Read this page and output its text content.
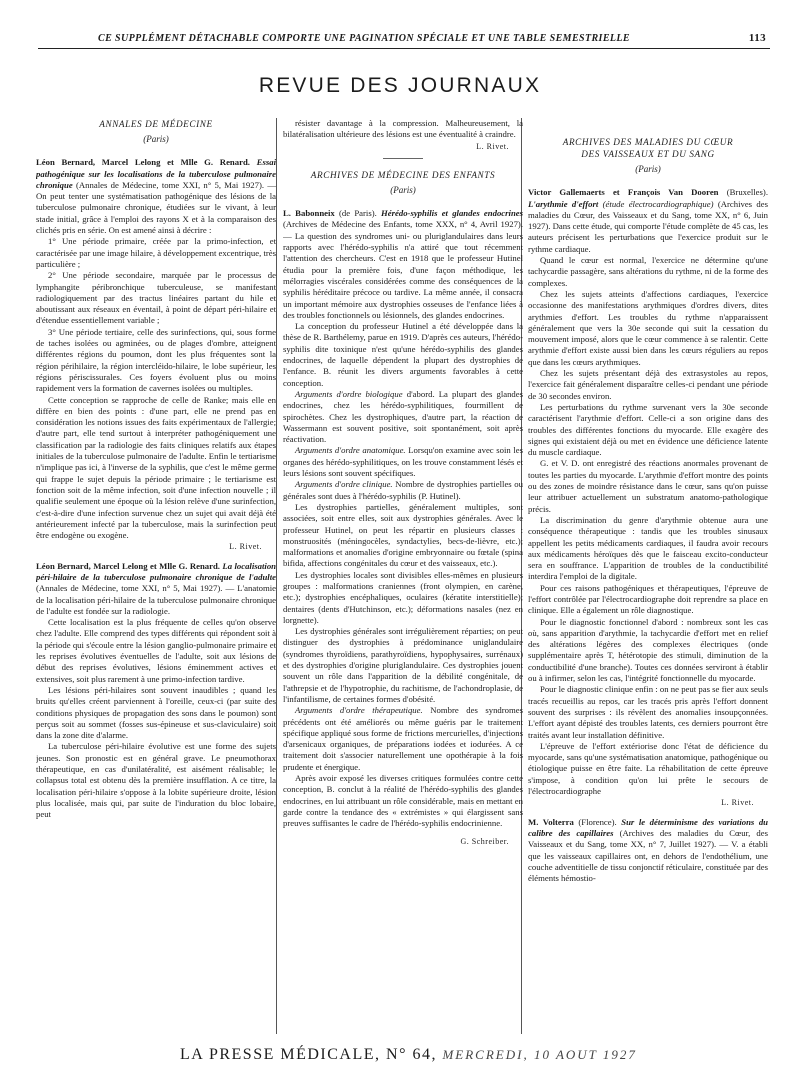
CE SUPPLÉMENT DÉTACHABLE COMPORTE UNE PAGINATION SPÉCIALE ET UNE TABLE SEMESTRIELLE	113
REVUE DES JOURNAUX
ANNALES DE MÉDECINE
(Paris)

Léon Bernard, Marcel Lelong et Mlle G. Renard. Essai pathogénique sur les localisations de la tuberculose pulmonaire chronique (Annales de Médecine, tome XXI, n° 5, Mai 1927). — On peut tenter une systématisation pathogénique des lésions de la tuberculose pulmonaire chronique, étudiées sur le vivant, à leur stade initial, grâce à l'emploi des rayons X et à la comparaison des clichés pris en série. On est amené ainsi à décrire :

1° Une période primaire, créée par la primo-infection, et caractérisée par une image hilaire, à développement excentrique, très particulière ;

2° Une période secondaire, marquée par le processus de lymphangite péribronchique tuberculeuse, se manifestant radiologiquement par des tractus linéaires partant du hile et aboutissant aux réseaux en éventail, à point de départ péri-hilaire et d'étendue essentiellement variable ;

3° Une période tertiaire, celle des surinfections, qui, sous forme de taches isolées ou agminées, ou de plages d'ombre, atteignent différentes régions du poumon, dont les plus fréquentes sont la région périhilaire, la région intercléido-hilaire, le lobe supérieur, les régions périscissurales. Ces foyers évoluent plus ou moins rapidement vers la formation de cavernes isolées ou multiples.

Cette conception se rapproche de celle de Ranke; mais elle en diffère en bien des points : d'une part, elle ne prend pas en considération les notions issues des faits expérimentaux de l'allergie; d'autre part, elle tend surtout à interpréter pathogéniquement une classification par la radiologie des faits cliniques relatifs aux étapes initiales de la tuberculose pulmonaire de l'adulte. Enfin le tertiarisme n'implique pas ici, à l'inverse de la syphilis, que c'est le même germe qui frappe le sujet depuis la période primaire ; le tertiarisme est fonction soit de la même infection, soit d'une infection nouvelle ; il qualifie seulement une époque où la lésion relève d'une surinfection, c'est-à-dire d'une infection survenue chez un sujet qui avait déjà été antérieurement infecté par la tuberculose, mais la surinfection peut être endogène ou exogène.

L. Rivet.

Léon Bernard, Marcel Lelong et Mlle G. Renard. La localisation péri-hilaire de la tuberculose pulmonaire chronique de l'adulte (Annales de Médecine, tome XXI, n° 5, Mai 1927). — L'anatomie de la localisation péri-hilaire de la tuberculose pulmonaire chronique de l'adulte est fondée sur la radiologie.

Cette localisation est la plus fréquente de celles qu'on observe chez l'adulte. Elle comprend des types différents qui répondent soit à la période qui s'écoule entre la lésion ganglio-pulmonaire primaire et les reprises évolutives éventuelles de l'adulte, soit aux lésions de début des reprises évolutives, lésions éminemment actives et extensives, soit plus rarement à une primo-infection tardive.

Les lésions péri-hilaires sont souvent inaudibles ; quand les bruits qu'elles créent parviennent à l'oreille, ceux-ci (par suite des conditions physiques de propagation des sons dans le poumon) sont perçus soit au sommet (fosses sus-épineuse et sus-claviculaire) soit dans la zone dite d'alarme.

La tuberculose péri-hilaire évolutive est une forme des sujets jeunes. Son pronostic est en général grave. Le pneumothorax thérapeutique, en cas d'unilatéralité, est aisément réalisable; le collapsus total est obtenu dès la première insufflation. A ce titre, la localisation péri-hilaire s'oppose à la lobite supérieure droite, lésion plus localisée, mais qui, par suite de l'induration du bloc lobaire, peut

résister davantage à la compression. Malheureusement, la bilatéralisation ultérieure des lésions est une éventualité à craindre.

L. Rivet.
ARCHIVES DE MÉDECINE DES ENFANTS
(Paris)

L. Babonneix (de Paris). Hérédo-syphilis et glandes endocrines (Archives de Médecine des Enfants, tome XXX, n° 4, Avril 1927). — La question des syndromes uni- ou pluriglandulaires dans leurs rapports avec l'hérédo-syphilis n'a attiré que tout récemment l'attention des chercheurs. C'est en 1918 que le professeur Hutinel étudia pour la première fois, d'une façon méthodique, les mélorragies viscérales considérées comme des conséquences de la syphilis héréditaire précoce ou tardive. La même année, il consacra un important mémoire aux dystrophies osseuses de l'enfance liées à des troubles fonctionnels ou lésionnels, des glandes endocrines.

La conception du professeur Hutinel a été développée dans la thèse de R. Barthélemy, parue en 1919. D'après ces auteurs, l'hérédo-syphilis dite toxinique n'est qu'une hérédo-syphilis des glandes endocrines, de laquelle dépendent la plupart des dystrophies de l'enfance. B. réunit les divers arguments favorables à cette conception.

Arguments d'ordre biologique d'abord. La plupart des glandes endocrines, chez les hérédo-syphilitiques, fourmillent de spirochètes. Chez les dystrophiques, d'autre part, la réaction de Wassermann est souvent positive, soit spontanément, soit après réactivation.

Arguments d'ordre anatomique. Lorsqu'on examine avec soin les organes des hérédo-syphilitiques, on les trouve constamment lésés et leurs lésions sont souvent spécifiques.

Arguments d'ordre clinique. Nombre de dystrophies partielles ou générales sont dues à l'hérédo-syphilis (P. Hutinel).

Les dystrophies partielles, généralement multiples, sont associées, soit entre elles, soit aux dystrophies générales. Avec le professeur Hutinel, on peut les répartir en plusieurs classes : monstruosités (méningocèles, syndactylies, becs-de-lièvre, etc.); malformations et anomalies d'origine embryonnaire ou fœtale (spina bifida, affections congénitales du cœur et des vaisseaux, etc.).

Les dystrophies locales sont divisibles elles-mêmes en plusieurs groupes : malformations craniennes (front olympien, en carène, etc.); dystrophies encéphaliques, oculaires (kératite interstitielle); dentaires (dents d'Hutchinson, etc.); déformations nasales (nez en lorgnette).

Les dystrophies générales sont irrégulièrement réparties; on peut distinguer des dystrophies à prédominance uniglandulaire (syndromes thyroïdiens, parathyroïdiens, hypophysaires, surrénaux) et des dystrophies d'origine pluriglandulaire. Ces dystrophies jouent souvent un rôle dans l'apparition de la débilité congénitale, de l'athrepsie et de l'hypotrophie, du rachitisme, de l'achondroplasie, de l'infantilisme, de certaines formes d'obésité.

Arguments d'ordre thérapeutique. Nombre des syndromes précédents ont été améliorés ou même guéris par le traitement spécifique appliqué sous forme de frictions mercurielles, d'injections d'arsenicaux organiques, de préparations iodées et iodurées. A ce traitement doit s'associer naturellement une opothérapie à la fois prudente et énergique.

Après avoir exposé les diverses critiques formulées contre cette conception, B. conclut à la réalité de l'hérédo-syphilis des glandes endocrines, en lui attribuant un rôle considérable, mais en mettant en garde contre la tendance des « extrémistes » qui élargissent sans preuves suffisantes le cadre de l'hérédo-syphilis endocrinienne.

G. Schreiber.
ARCHIVES DES MALADIES DU CŒUR
DES VAISSEAUX ET DU SANG
(Paris)

Victor Gallemaerts et François Van Dooren (Bruxelles). L'arythmie d'effort (étude électrocardiographique) (Archives des maladies du Cœur, des Vaisseaux et du Sang, tome XX, n° 6, Juin 1927). Dans cette étude, qui comporte l'étude complète de 45 cas, les auteurs précisent les perturbations que l'exercice produit sur le rythme cardiaque.

Quand le cœur est normal, l'exercice ne détermine qu'une tachycardie passagère, sans altérations du rythme, ni de la forme des complexes.

Chez les sujets atteints d'affections cardiaques, l'exercice occasionne des manifestations arythmiques d'ordres divers, dites arythmies d'effort. Les troubles du rythme n'apparaissent généralement que vers la 30e seconde qui suit la cessation du mouvement imposé, alors que le cœur commence à se ralentir. Cette arythmie d'effort existe aussi bien dans les cœurs réguliers au repos que dans les cœurs arythmiques.

Chez les sujets présentant déjà des extrasystoles au repos, l'exercice fait généralement disparaître celles-ci pendant une période de 30 secondes environ.

Les perturbations du rythme survenant vers la 30e seconde caractérisent l'arythmie d'effort. Celle-ci a son origine dans des troubles des différentes fonctions du myocarde. Elle exagère des signes qui existaient déjà ou met en évidence une déficience latente du muscle cardiaque.

G. et V. D. ont enregistré des réactions anormales provenant de toutes les parties du myocarde. L'arythmie d'effort montre des points ou des zones de moindre résistance dans le cœur, sans qu'on puisse leur attribuer actuellement un substratum anatomo-pathologique précis.

La discrimination du genre d'arythmie obtenue aura une conséquence thérapeutique : tandis que les troubles sinusaux appellent les petits médicaments cardiaques, il faudra avoir recours aux médicaments héroïques dès que le faisceau excito-conducteur sera en souffrance. L'apparition de troubles de la conductibilité interdira l'emploi de la digitale.

Pour ces raisons pathogéniques et thérapeutiques, l'épreuve de l'effort contrôlée par l'électrocardiographe doit reprendre sa place en clinique. Elle a également un rôle diagnostique.

Pour le diagnostic fonctionnel d'abord : nombreux sont les cas où, sans apparition d'arythmie, la tachycardie d'effort met en relief des altérations légères des complexes électriques (onde supplémentaire après T, hétérotopie des stimuli, diminution de la conductibilité d'une branche). Toutes ces données serviront à établir ou à infirmer, selon les cas, l'intégrité fonctionnelle du myocarde.

Pour le diagnostic clinique enfin : on ne peut pas se fier aux seuls tracés recueillis au repos, car les tracés pris après l'effort donnent souvent des surprises : ils révèlent des anomalies insoupçonnées. L'effort ayant dépisté des troubles latents, ces derniers pourront être traités avant leur installation définitive.

L'épreuve de l'effort extériorise donc l'état de déficience du myocarde, sans qu'une systématisation anatomique, pathogénique ou étiologique puisse en être faite. La réhabilitation de cette épreuve s'impose, à condition qu'on lui prête le secours de l'électrocardiographe

L. Rivet.

M. Volterra (Florence). Sur le déterminisme des variations du calibre des capillaires (Archives des maladies du Cœur, des Vaisseaux et du Sang, tome XX, n° 7, Juillet 1927). — V. a établi que les vaisseaux capillaires ont, en dehors de l'endothélium, une couche adventitielle de tissu conjonctif réticulaire, constituée par des éléments hémostio-

LA PRESSE MÉDICALE, N° 64, MERCREDI, 10 AOUT 1927
